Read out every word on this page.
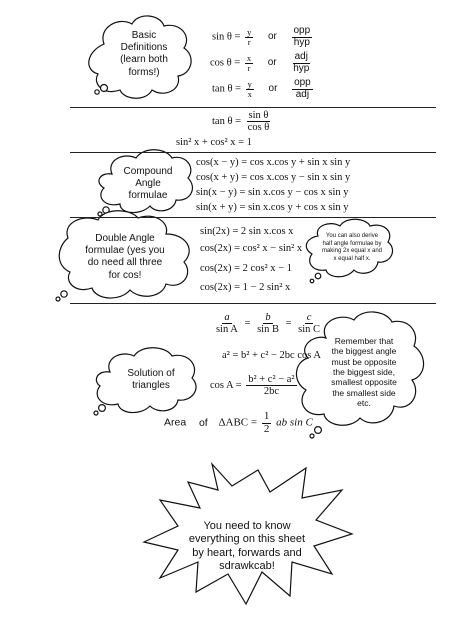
Basic
Definitions
(learn both
forms!)
Compound
Angle
formulae
Double Angle
formulae (yes you
do need all three
for cos!
You can also derive
half angle formulae by
making 2x equal x and
x equal half x.
Solution of
triangles
Remember that
the biggest angle
must be opposite
the biggest side,
smallest opposite
the smallest side
etc.
You need to know
everything on this sheet
by heart, forwards and
sdrawkcab!
$\sin \theta = \frac{y}{r}$ or $\frac{\text{opp}}{\text{hyp}}$
$\cos \theta = \frac{x}{r}$ or $\frac{\text{adj}}{\text{hyp}}$
$\tan \theta = \frac{y}{x}$ or $\frac{\text{opp}}{\text{adj}}$
$\tan \theta = \frac{\text{sin θ}}{\text{cos θ}}$
sin² x + cos² x = 1
cos(x − y) = cos x.cos y + sin x sin y
cos(x + y) = cos x.cos y − sin x sin y
sin(x − y) = sin x.cos y − cos x sin y
sin(x + y) = sin x.cos y + cos x sin y
sin(2x) = 2 sin x.cos x
cos(2x) = cos² x − sin² x
cos(2x) = 2 cos² x − 1
cos(2x) = 1 − 2 sin² x
$\frac{a}{\text{sin A}} = \frac{b}{\text{sin B}} = \frac{c}{\text{sin C}}$
a² = b² + c² − 2bc cos A
$\cos A = \frac{\text{b² + c² − a²}}{2bc}$
Area of $\Delta ABC = \frac{1}{2}$ ab sin C
